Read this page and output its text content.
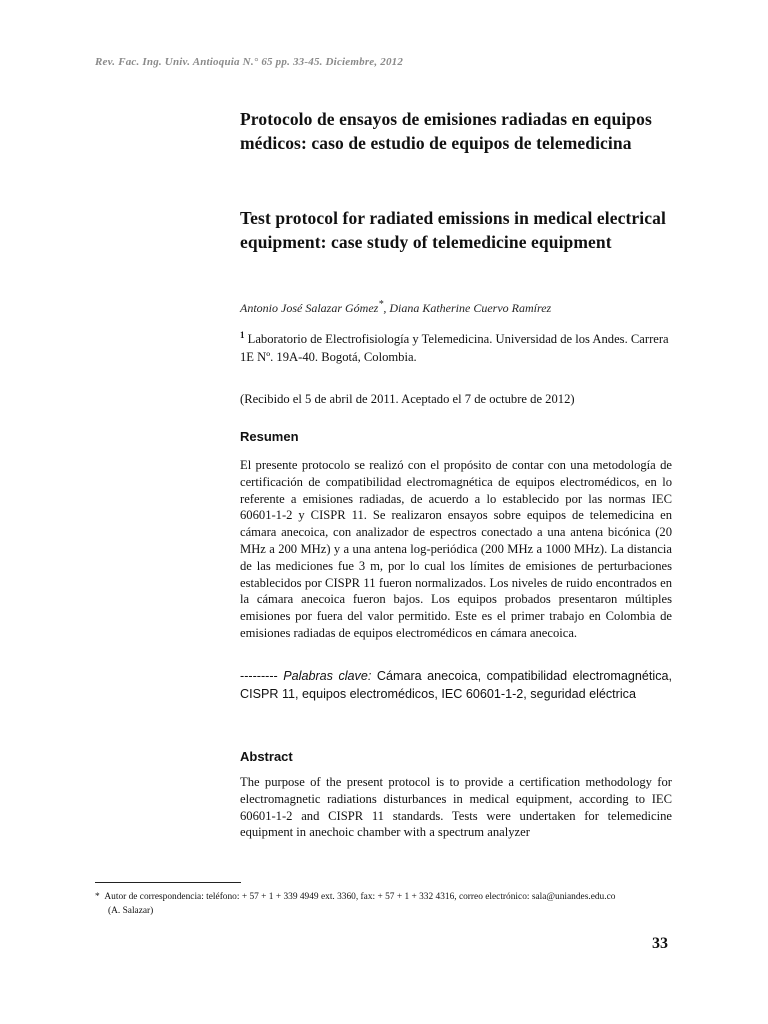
Rev. Fac. Ing. Univ. Antioquia N.° 65 pp. 33-45. Diciembre, 2012
Protocolo de ensayos de emisiones radiadas en equipos médicos: caso de estudio de equipos de telemedicina
Test protocol for radiated emissions in medical electrical equipment: case study of telemedicine equipment
Antonio José Salazar Gómez*, Diana Katherine Cuervo Ramírez
$^1$ Laboratorio de Electrofisiología y Telemedicina. Universidad de los Andes. Carrera 1E Nº. 19A-40. Bogotá, Colombia.
(Recibido el 5 de abril de 2011. Aceptado el 7 de octubre de 2012)
Resumen

El presente protocolo se realizó con el propósito de contar con una metodología de certificación de compatibilidad electromagnética de equipos electromédicos, en lo referente a emisiones radiadas, de acuerdo a lo establecido por las normas IEC 60601-1-2 y CISPR 11. Se realizaron ensayos sobre equipos de telemedicina en cámara anecoica, con analizador de espectros conectado a una antena bicónica (20 MHz a 200 MHz) y a una antena log-periódica (200 MHz a 1000 MHz). La distancia de las mediciones fue 3 m, por lo cual los límites de emisiones de perturbaciones establecidos por CISPR 11 fueron normalizados. Los niveles de ruido encontrados en la cámara anecoica fueron bajos. Los equipos probados presentaron múltiples emisiones por fuera del valor permitido. Este es el primer trabajo en Colombia de emisiones radiadas de equipos electromédicos en cámara anecoica.

--------- Palabras clave: Cámara anecoica, compatibilidad electromagnética, CISPR 11, equipos electromédicos, IEC 60601-1-2, seguridad eléctrica
Abstract

The purpose of the present protocol is to provide a certification methodology for electromagnetic radiations disturbances in medical equipment, according to IEC 60601-1-2 and CISPR 11 standards. Tests were undertaken for telemedicine equipment in anechoic chamber with a spectrum analyzer

* Autor de correspondencia: teléfono: + 57 + 1 + 339 4949 ext. 3360, fax: + 57 + 1 + 332 4316, correo electrónico: sala@uniandes.edu.co
(A. Salazar)
33
